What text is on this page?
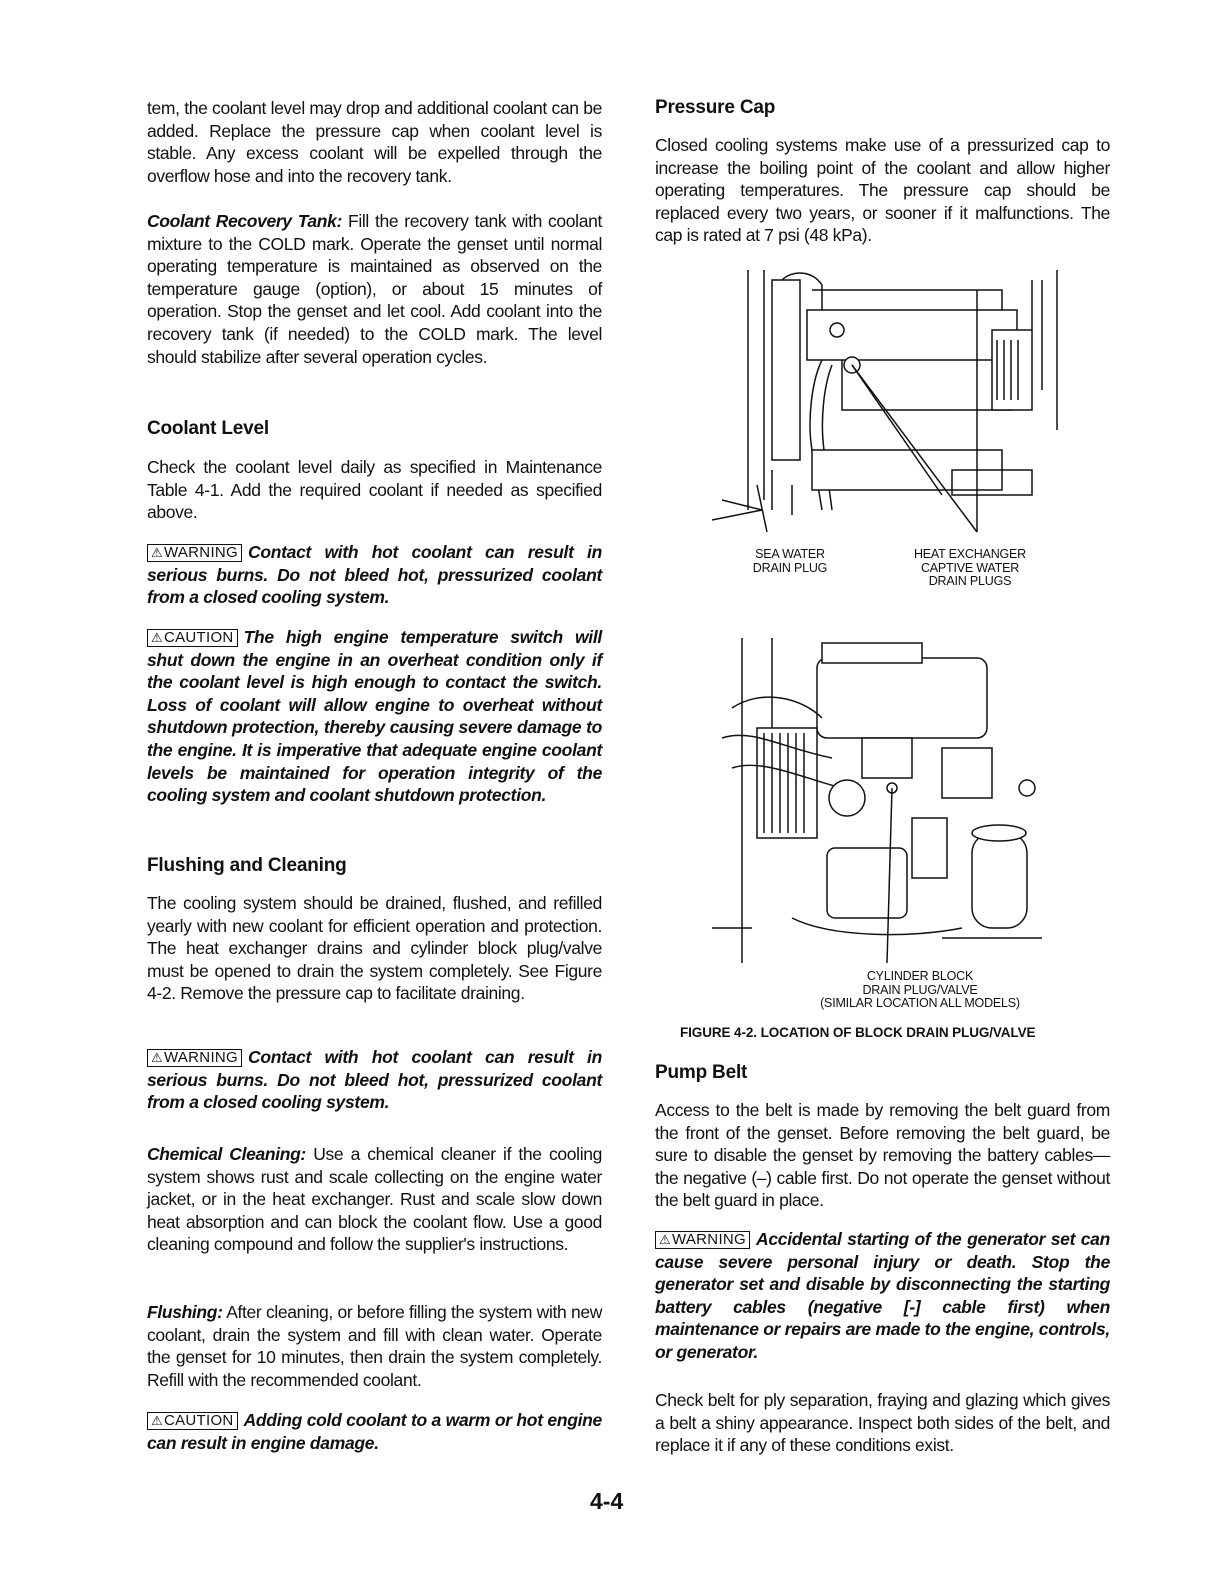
tem, the coolant level may drop and additional coolant can be added. Replace the pressure cap when coolant level is stable. Any excess coolant will be expelled through the overflow hose and into the recovery tank.

Coolant Recovery Tank: Fill the recovery tank with coolant mixture to the COLD mark. Operate the genset until normal operating temperature is maintained as observed on the temperature gauge (option), or about 15 minutes of operation. Stop the genset and let cool. Add coolant into the recovery tank (if needed) to the COLD mark. The level should stabilize after several operation cycles.

Coolant Level

Check the coolant level daily as specified in Maintenance Table 4-1. Add the required coolant if needed as specified above.

⚠WARNING Contact with hot coolant can result in serious burns. Do not bleed hot, pressurized coolant from a closed cooling system.

⚠CAUTION The high engine temperature switch will shut down the engine in an overheat condition only if the coolant level is high enough to contact the switch. Loss of coolant will allow engine to overheat without shutdown protection, thereby causing severe damage to the engine. It is imperative that adequate engine coolant levels be maintained for operation integrity of the cooling system and coolant shutdown protection.

Flushing and Cleaning

The cooling system should be drained, flushed, and refilled yearly with new coolant for efficient operation and protection. The heat exchanger drains and cylinder block plug/valve must be opened to drain the system completely. See Figure 4-2. Remove the pressure cap to facilitate draining.

⚠WARNING Contact with hot coolant can result in serious burns. Do not bleed hot, pressurized coolant from a closed cooling system.

Chemical Cleaning: Use a chemical cleaner if the cooling system shows rust and scale collecting on the engine water jacket, or in the heat exchanger. Rust and scale slow down heat absorption and can block the coolant flow. Use a good cleaning compound and follow the supplier's instructions.

Flushing: After cleaning, or before filling the system with new coolant, drain the system and fill with clean water. Operate the genset for 10 minutes, then drain the system completely. Refill with the recommended coolant.

⚠CAUTION Adding cold coolant to a warm or hot engine can result in engine damage.

Pressure Cap

Closed cooling systems make use of a pressurized cap to increase the boiling point of the coolant and allow higher operating temperatures. The pressure cap should be replaced every two years, or sooner if it malfunctions. The cap is rated at 7 psi (48 kPa).

SEA WATER
DRAIN PLUG
HEAT EXCHANGER
CAPTIVE WATER
DRAIN PLUGS
CYLINDER BLOCK
DRAIN PLUG/VALVE
(SIMILAR LOCATION ALL MODELS)
FIGURE 4-2. LOCATION OF BLOCK DRAIN PLUG/VALVE
Pump Belt

Access to the belt is made by removing the belt guard from the front of the genset. Before removing the belt guard, be sure to disable the genset by removing the battery cables—the negative (–) cable first. Do not operate the genset without the belt guard in place.

⚠WARNING Accidental starting of the generator set can cause severe personal injury or death. Stop the generator set and disable by disconnecting the starting battery cables (negative [-] cable first) when maintenance or repairs are made to the engine, controls, or generator.

Check belt for ply separation, fraying and glazing which gives a belt a shiny appearance. Inspect both sides of the belt, and replace it if any of these conditions exist.

4-4
